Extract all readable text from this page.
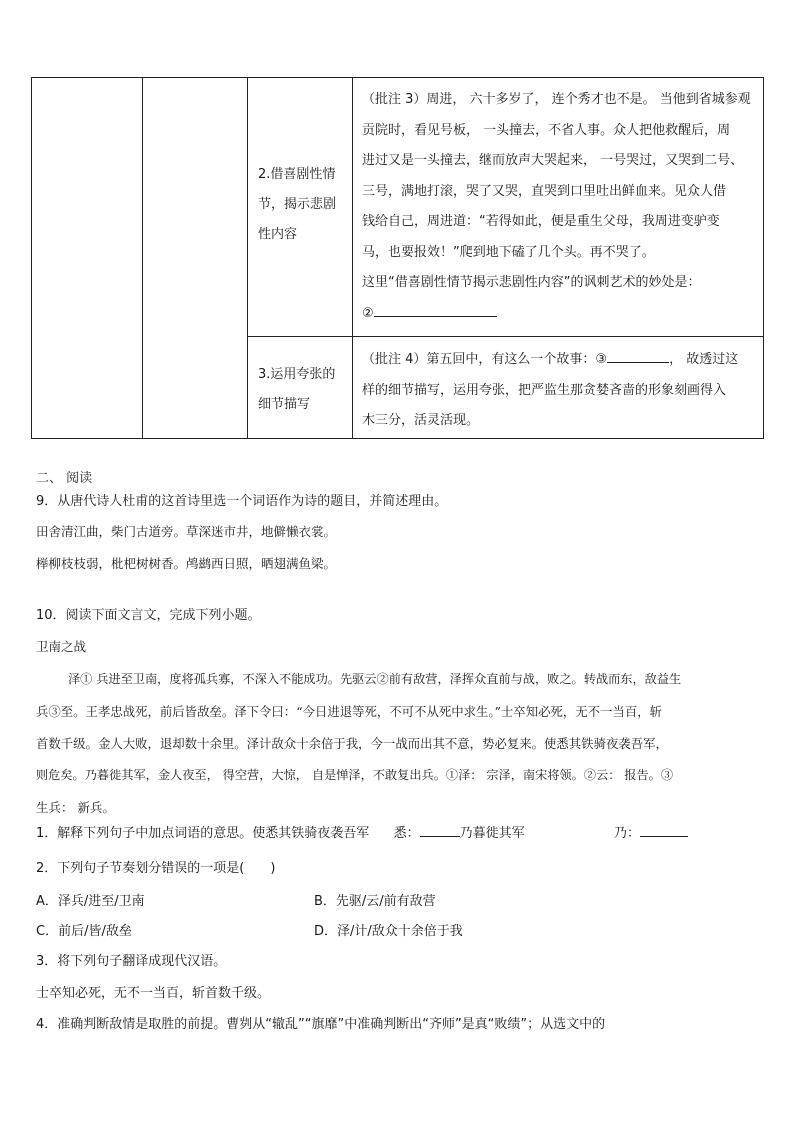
2.借喜剧性情
节，揭示悲剧
性内容
（批注 3）周进， 六十多岁了， 连个秀才也不是。 当他到省城参观
贡院时，看见号板， 一头撞去，不省人事。众人把他救醒后，周
进过又是一头撞去，继而放声大哭起来， 一号哭过，又哭到二号、
三号，满地打滚，哭了又哭，直哭到口里吐出鲜血来。见众人借
钱给自己，周进道：“若得如此，便是重生父母，我周进变驴变
马，也要报效！”爬到地下磕了几个头。再不哭了。
这里“借喜剧性情节揭示悲剧性内容”的讽刺艺术的妙处是：
②
3.运用夸张的
细节描写
（批注 4）第五回中，有这么一个故事：③	， 故透过这
样的细节描写，运用夸张，把严监生那贪婪吝啬的形象刻画得入
木三分，活灵活现。
二、 阅读
9．从唐代诗人杜甫的这首诗里选一个词语作为诗的题目，并简述理由。
田舍清江曲，柴门古道旁。草深迷市井，地僻懒衣裳。
榉柳枝枝弱，枇杷树树香。鸬鹚西日照，晒翅满鱼梁。
10．阅读下面文言文，完成下列小题。
卫南之战
泽① 兵进至卫南，度将孤兵寡，不深入不能成功。先驱云②前有敌营，泽挥众直前与战，败之。转战而东，敌益生
兵③至。王孝忠战死，前后皆敌垒。泽下令曰：“今日进退等死，不可不从死中求生。”士卒知必死，无不一当百，斩
首数千级。金人大败，退却数十余里。泽计敌众十余倍于我，今一战而出其不意，势必复来。使悉其铁骑夜袭吾军，
则危矣。乃暮徙其军，金人夜至， 得空营，大惊， 自是惮泽，不敢复出兵。①泽： 宗泽，南宋将领。②云： 报告。③
生兵： 新兵。
1．解释下列句子中加点词语的意思。使悉其铁骑夜袭吾军 悉：	乃暮徙其军	乃：
2．下列句子节奏划分错误的一项是(　　)
A．泽兵/进至/卫南	B．先驱/云/前有敌营
C．前后/皆/敌垒	D．泽/计/敌众十余倍于我
3．将下列句子翻译成现代汉语。
士卒知必死，无不一当百，斩首数千级。
4．准确判断敌情是取胜的前提。曹刿从“辙乱”“旗靡”中准确判断出“齐师”是真“败绩”；从选文中的
